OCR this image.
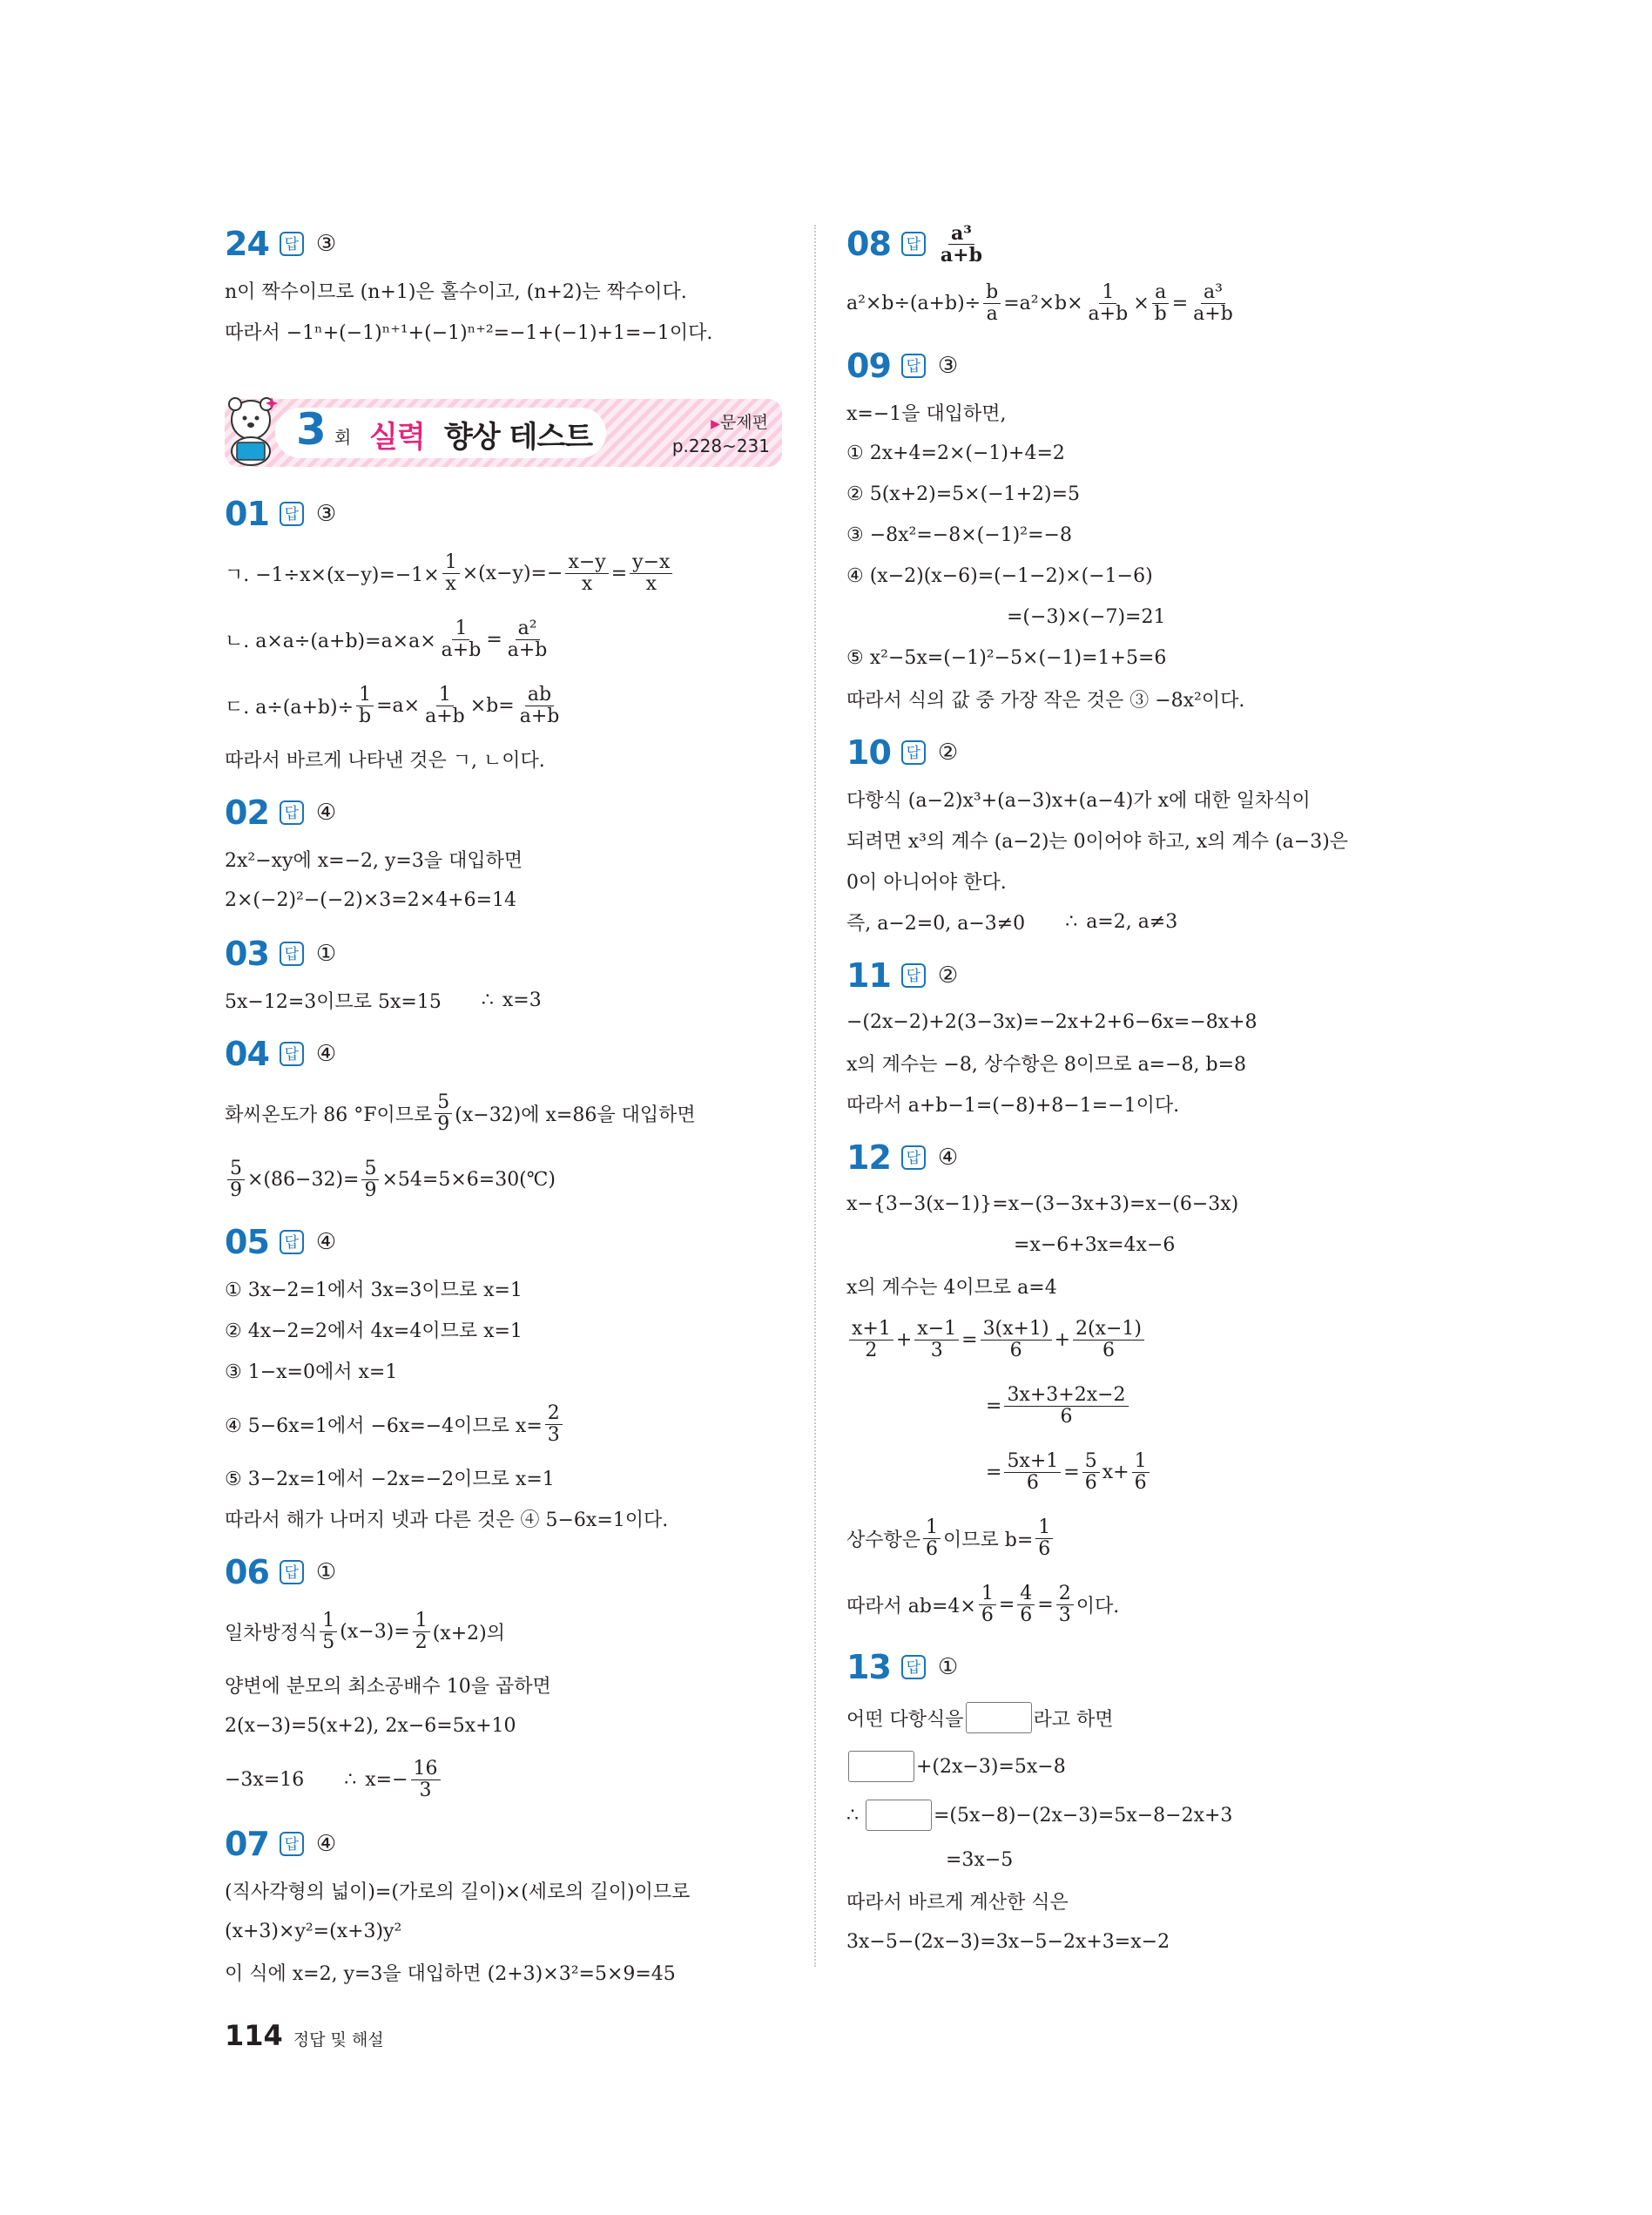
24	답 ③
n이 짝수이므로 (n+1)은 홀수이고, (n+2)는 짝수이다.
따라서 −1ⁿ+(−1)ⁿ⁺¹+(−1)ⁿ⁺²=−1+(−1)+1=−1이다.
3 회 실력 향상 테스트	▶문제편
p.228~231
01	답 ③
ㄱ. $-1\div x\times(x-y)=-1\times \frac{1}{x} \times(x-y)=- \frac{x-y}{x} = \frac{y-x}{x}$
ㄴ. $a\times a\div(a+b)=a\times a\times \frac{1}{a+b} = \frac{\text{a²}}{a+b}$
ㄷ. $a\div(a+b)\div \frac{1}{b} =a\times \frac{1}{a+b} \times b= \frac{ab}{a+b}$
따라서 바르게 나타낸 것은 ㄱ, ㄴ이다.
02	답 ④
2x²−xy에 x=−2, y=3을 대입하면
2×(−2)²−(−2)×3=2×4+6=14
03	답 ①
5x−12=3이므로 5x=15 ∴ x=3
04	답 ④
화씨온도가 86 °F이므로 $\frac{5}{9} (x-32)$에 x=86을 대입하면
$\frac{5}{9} \times(86-32)= \frac{5}{9}$ ×54=5×6=30(℃)
05	답 ④
① 3x−2=1에서 3x=3이므로 x=1
② 4x−2=2에서 4x=4이므로 x=1
③ 1−x=0에서 x=1
④ 5−6x=1에서 −6x=−4이므로 $x= \frac{2}{3}$
⑤ 3−2x=1에서 −2x=−2이므로 x=1
따라서 해가 나머지 넷과 다른 것은 ④ 5−6x=1이다.
06	답 ①
일차방정식 $\frac{1}{5} (x-3)= \frac{1}{2} (x+2)$의
양변에 분모의 최소공배수 10을 곱하면
2(x−3)=5(x+2), 2x−6=5x+10
−3x=16 ∴ $x=- \frac{16}{3}$
07	답 ④
(직사각형의 넓이)=(가로의 길이)×(세로의 길이)이므로
(x+3)×y²=(x+3)y²
이 식에 x=2, y=3을 대입하면 (2+3)×3²=5×9=45
08	답 $\frac{\text{a³}}{a+b}$
$a^2\times b\div(a+b)\div \frac{b}{a} =a^2\times b\times \frac{1}{a+b} \times \frac{a}{b} = \frac{\text{a³}}{a+b}$
09	답 ③
x=−1을 대입하면,
① 2x+4=2×(−1)+4=2
② 5(x+2)=5×(−1+2)=5
③ −8x²=−8×(−1)²=−8
④ (x−2)(x−6)=(−1−2)×(−1−6)
=(−3)×(−7)=21
⑤ x²−5x=(−1)²−5×(−1)=1+5=6
따라서 식의 값 중 가장 작은 것은 ③ −8x²이다.
10	답 ②
다항식 (a−2)x³+(a−3)x+(a−4)가 x에 대한 일차식이
되려면 x³의 계수 (a−2)는 0이어야 하고, x의 계수 (a−3)은
0이 아니어야 한다.
즉, a−2=0, a−3≠0 ∴ a=2, a≠3
11	답 ②
−(2x−2)+2(3−3x)=−2x+2+6−6x=−8x+8
x의 계수는 −8, 상수항은 8이므로 a=−8, b=8
따라서 a+b−1=(−8)+8−1=−1이다.
12	답 ④
x−{3−3(x−1)}=x−(3−3x+3)=x−(6−3x)
=x−6+3x=4x−6
x의 계수는 4이므로 a=4
$\frac{x+1}{2} + \frac{x-1}{3} = \frac{3(x+1)}{6} + \frac{2(x-1)}{6}$
= $\frac{3x+3+2x-2}{6}$
= $\frac{5x+1}{6} = \frac{5}{6} x+ \frac{1}{6}$
상수항은 $\frac{1}{6}$ 이므로 $b= \frac{1}{6}$
따라서 $ab=4\times \frac{1}{6} = \frac{4}{6} = \frac{2}{3}$ 이다.
13	답 ①
어떤 다항식을	라고 하면
+(2x−3)=5x−8
∴	=(5x−8)−(2x−3)=5x−8−2x+3
=3x−5
따라서 바르게 계산한 식은
3x−5−(2x−3)=3x−5−2x+3=x−2
114 정답 및 해설
